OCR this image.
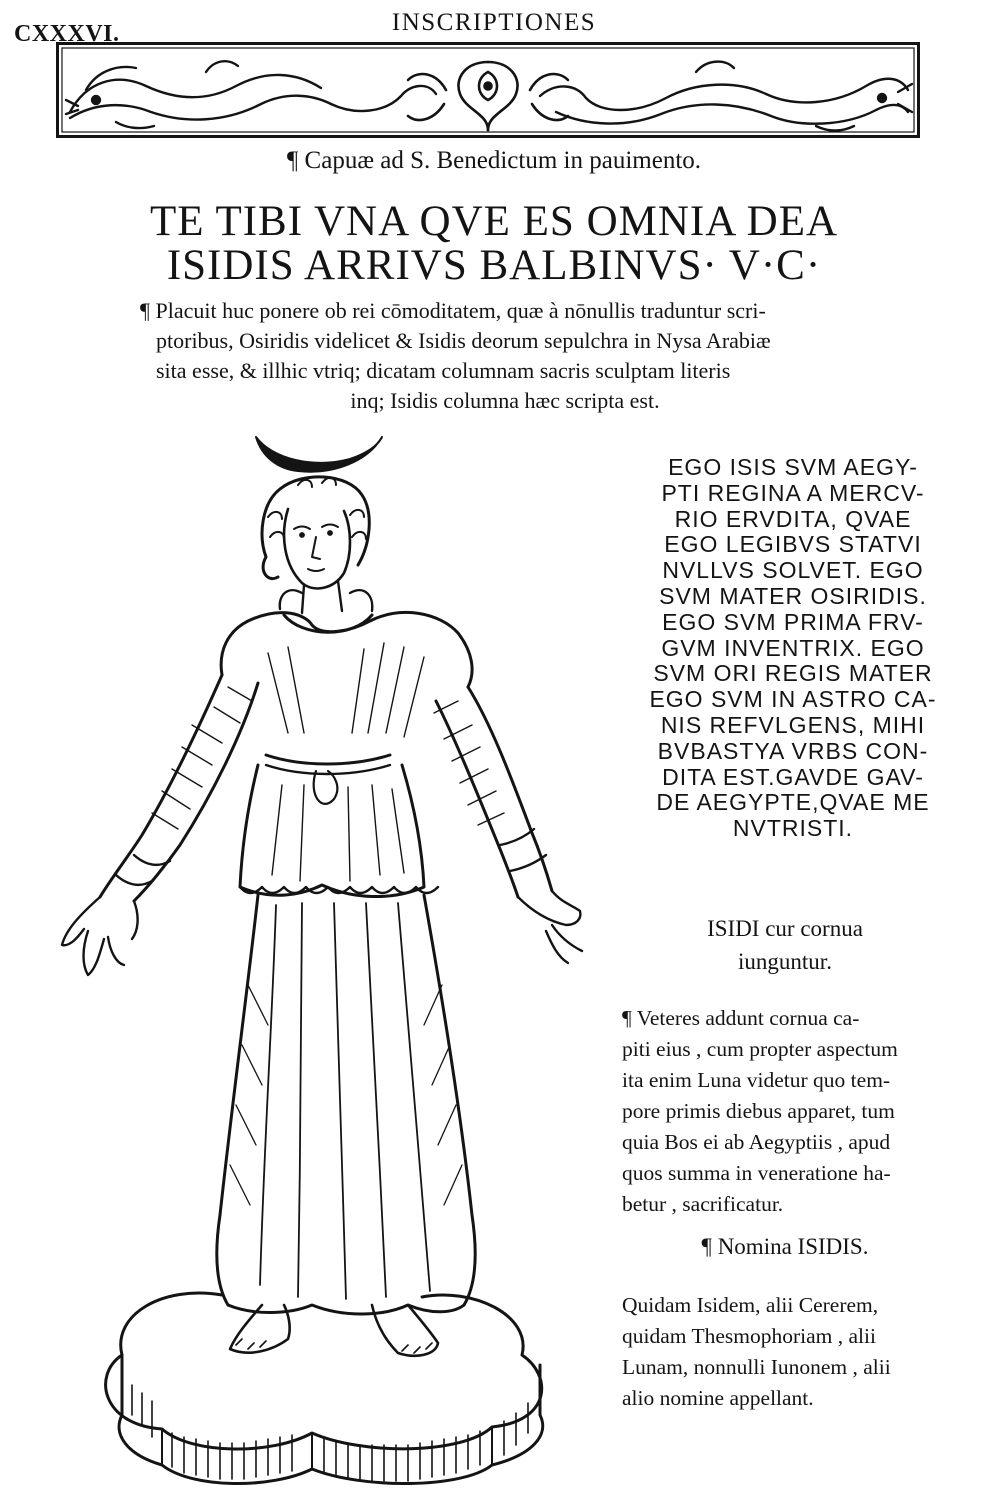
CXXXVI.	INSCRIPTIONES
¶ Capuæ ad S. Benedictum in pauimento.
TE TIBI VNA QVE ES OMNIA DEA
ISIDIS ARRIVS BALBINVS· V·C·
¶ Placuit huc ponere ob rei cōmoditatem, quæ à nōnullis traduntur scri-
ptoribus, Osiridis videlicet & Isidis deorum sepulchra in Nysa Arabiæ
sita esse, & illhic vtriq; dicatam columnam sacris sculptam literis
inq; Isidis columna hæc scripta est.
EGO ISIS SVM AEGY-
PTI REGINA A MERCV-
RIO ERVDITA, QVAE
EGO LEGIBVS STATVI
NVLLVS SOLVET. EGO
SVM MATER OSIRIDIS.
EGO SVM PRIMA FRV-
GVM INVENTRIX. EGO
SVM ORI REGIS MATER
EGO SVM IN ASTRO CA-
NIS REFVLGENS, MIHI
BVBASTYA VRBS CON-
DITA EST.GAVDE GAV-
DE AEGYPTE,QVAE ME
NVTRISTI.
ISIDI cur cornua
iunguntur.
¶ Veteres addunt cornua ca-
piti eius , cum propter aspectum
ita enim Luna videtur quo tem-
pore primis diebus apparet, tum
quia Bos ei ab Aegyptiis , apud
quos summa in veneratione ha-
betur , sacrificatur.
¶ Nomina ISIDIS.
Quidam Isidem, alii Cererem,
quidam Thesmophoriam , alii
Lunam, nonnulli Iunonem , alii
alio nomine appellant.
